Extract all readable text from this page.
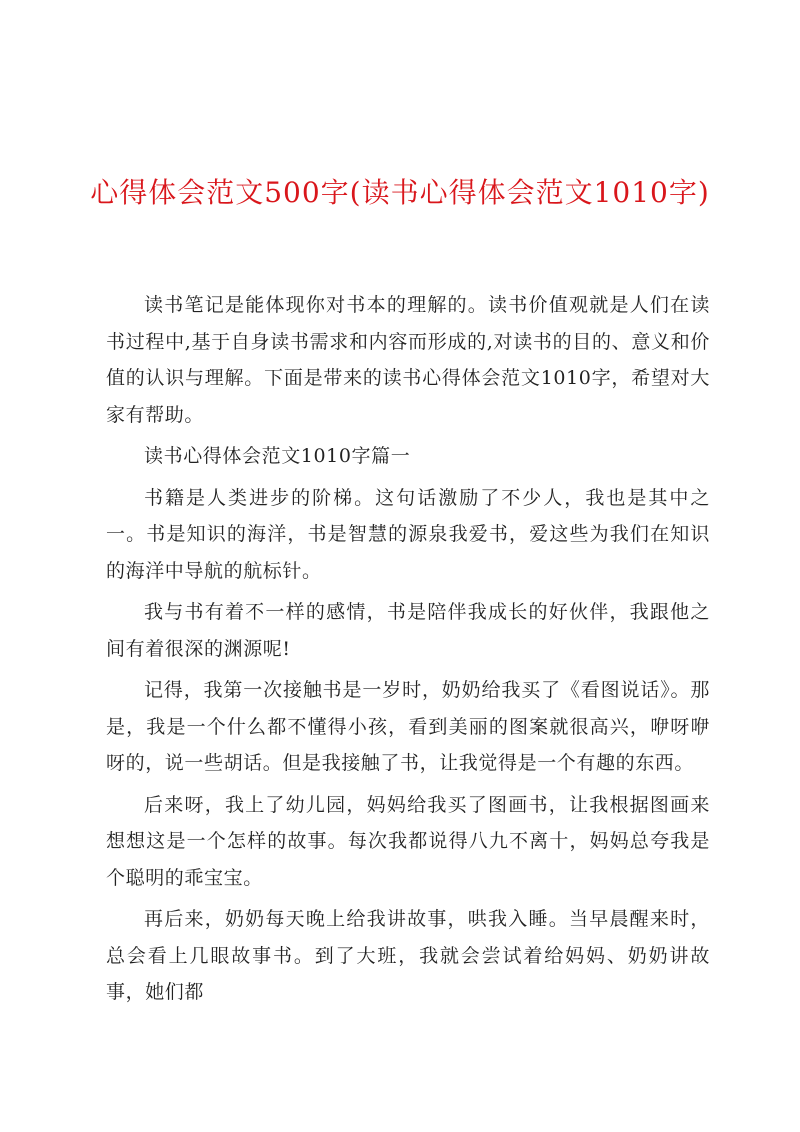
心得体会范文500字(读书心得体会范文1010字)

读书笔记是能体现你对书本的理解的。读书价值观就是人们在读书过程中,基于自身读书需求和内容而形成的,对读书的目的、意义和价值的认识与理解。下面是带来的读书心得体会范文1010字，希望对大家有帮助。

读书心得体会范文1010字篇一

书籍是人类进步的阶梯。这句话激励了不少人，我也是其中之一。书是知识的海洋，书是智慧的源泉我爱书，爱这些为我们在知识的海洋中导航的航标针。

我与书有着不一样的感情，书是陪伴我成长的好伙伴，我跟他之间有着很深的渊源呢!

记得，我第一次接触书是一岁时，奶奶给我买了《看图说话》。那是，我是一个什么都不懂得小孩，看到美丽的图案就很高兴，咿呀咿呀的，说一些胡话。但是我接触了书，让我觉得是一个有趣的东西。

后来呀，我上了幼儿园，妈妈给我买了图画书，让我根据图画来想想这是一个怎样的故事。每次我都说得八九不离十，妈妈总夸我是个聪明的乖宝宝。

再后来，奶奶每天晚上给我讲故事，哄我入睡。当早晨醒来时，总会看上几眼故事书。到了大班，我就会尝试着给妈妈、奶奶讲故事，她们都
